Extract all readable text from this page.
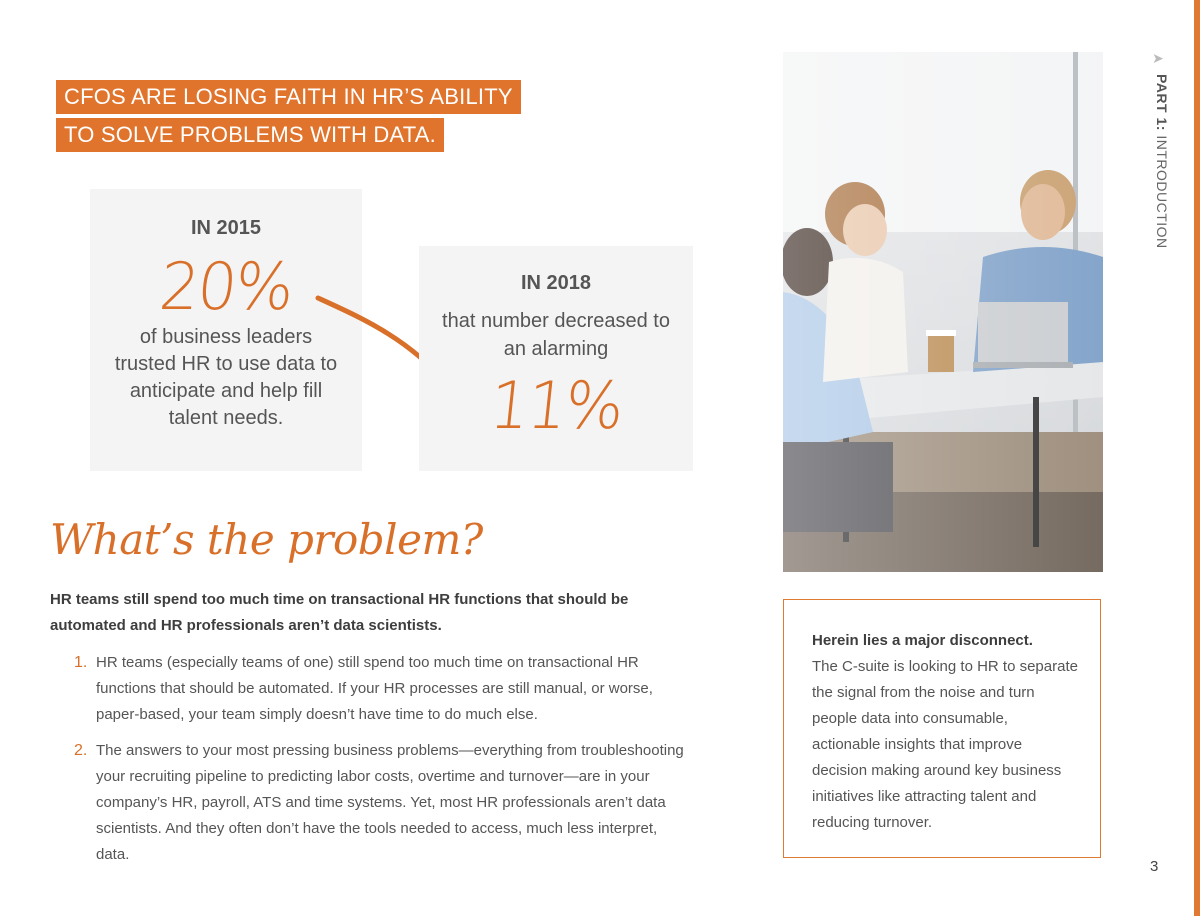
CFOS ARE LOSING FAITH IN HR’S ABILITY
TO SOLVE PROBLEMS WITH DATA.
IN 2015
20%
of business leaders trusted HR to use data to anticipate and help fill talent needs.
IN 2018
that number decreased to an alarming
11%
What’s the problem?
HR teams still spend too much time on transactional HR functions that should be automated and HR professionals aren’t data scientists.
1. HR teams (especially teams of one) still spend too much time on transactional HR functions that should be automated. If your HR processes are still manual, or worse, paper-based, your team simply doesn’t have time to do much else.
2. The answers to your most pressing business problems—everything from troubleshooting your recruiting pipeline to predicting labor costs, overtime and turnover—are in your company’s HR, payroll, ATS and time systems. Yet, most HR professionals aren’t data scientists. And they often don’t have the tools needed to access, much less interpret, data.
Herein lies a major disconnect.
The C-suite is looking to HR to separate the signal from the noise and turn people data into consumable, actionable insights that improve decision making around key business initiatives like attracting talent and reducing turnover.
➤
PART 1: INTRODUCTION
3
